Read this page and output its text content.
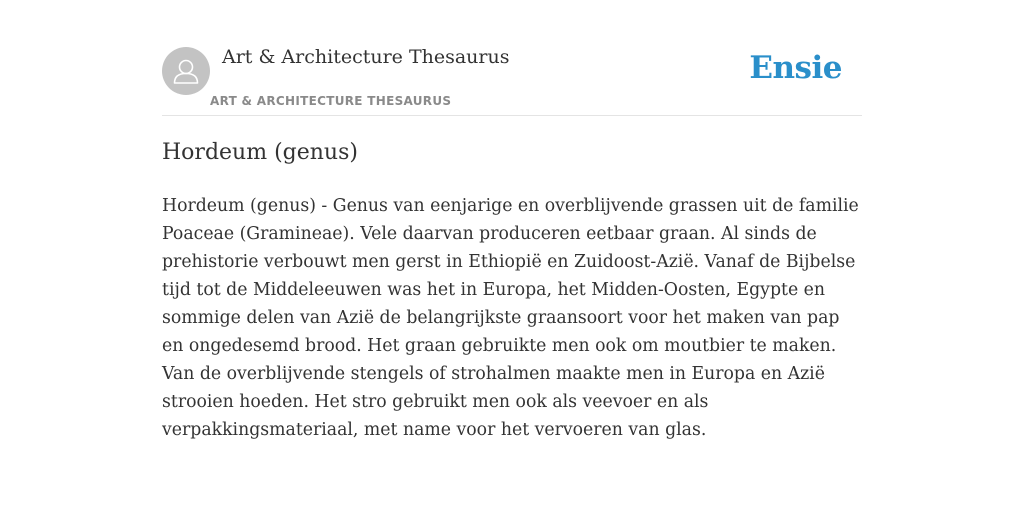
Art & Architecture Thesaurus
ART & ARCHITECTURE THESAURUS
Ensie
Hordeum (genus)

Hordeum (genus) - Genus van eenjarige en overblijvende grassen uit de familie Poaceae (Gramineae). Vele daarvan produceren eetbaar graan. Al sinds de prehistorie verbouwt men gerst in Ethiopië en Zuidoost-Azië. Vanaf de Bijbelse tijd tot de Middeleeuwen was het in Europa, het Midden-Oosten, Egypte en sommige delen van Azië de belangrijkste graansoort voor het maken van pap en ongedesemd brood. Het graan gebruikte men ook om moutbier te maken. Van de overblijvende stengels of strohalmen maakte men in Europa en Azië strooien hoeden. Het stro gebruikt men ook als veevoer en als verpakkingsmateriaal, met name voor het vervoeren van glas.
